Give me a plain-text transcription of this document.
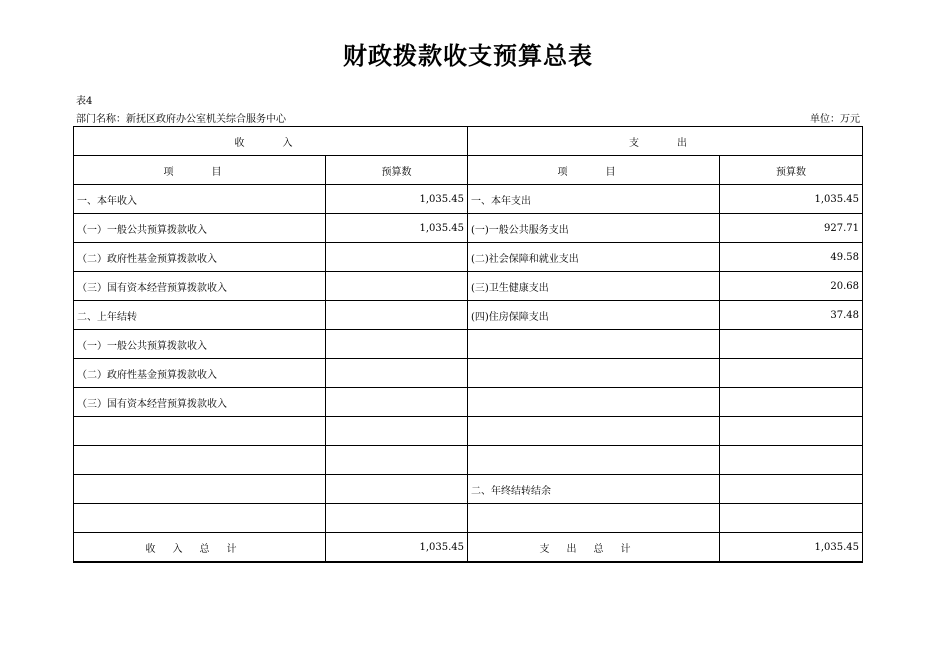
财政拨款收支预算总表
表4
部门名称：新抚区政府办公室机关综合服务中心	单位：万元
收　入		支　出	
项　目	预算数	项　目	预算数
一、本年收入	1,035.45	一、本年支出	1,035.45
（一）一般公共预算拨款收入	1,035.45	(一)一般公共服务支出	927.71
（二）政府性基金预算拨款收入		(二)社会保障和就业支出	49.58
（三）国有资本经营预算拨款收入		(三)卫生健康支出	20.68
二、上年结转		(四)住房保障支出	37.48
（一）一般公共预算拨款收入			
（二）政府性基金预算拨款收入			
（三）国有资本经营预算拨款收入			

		二、年终结转结余	

收入总计	1,035.45	支出总计	1,035.45
